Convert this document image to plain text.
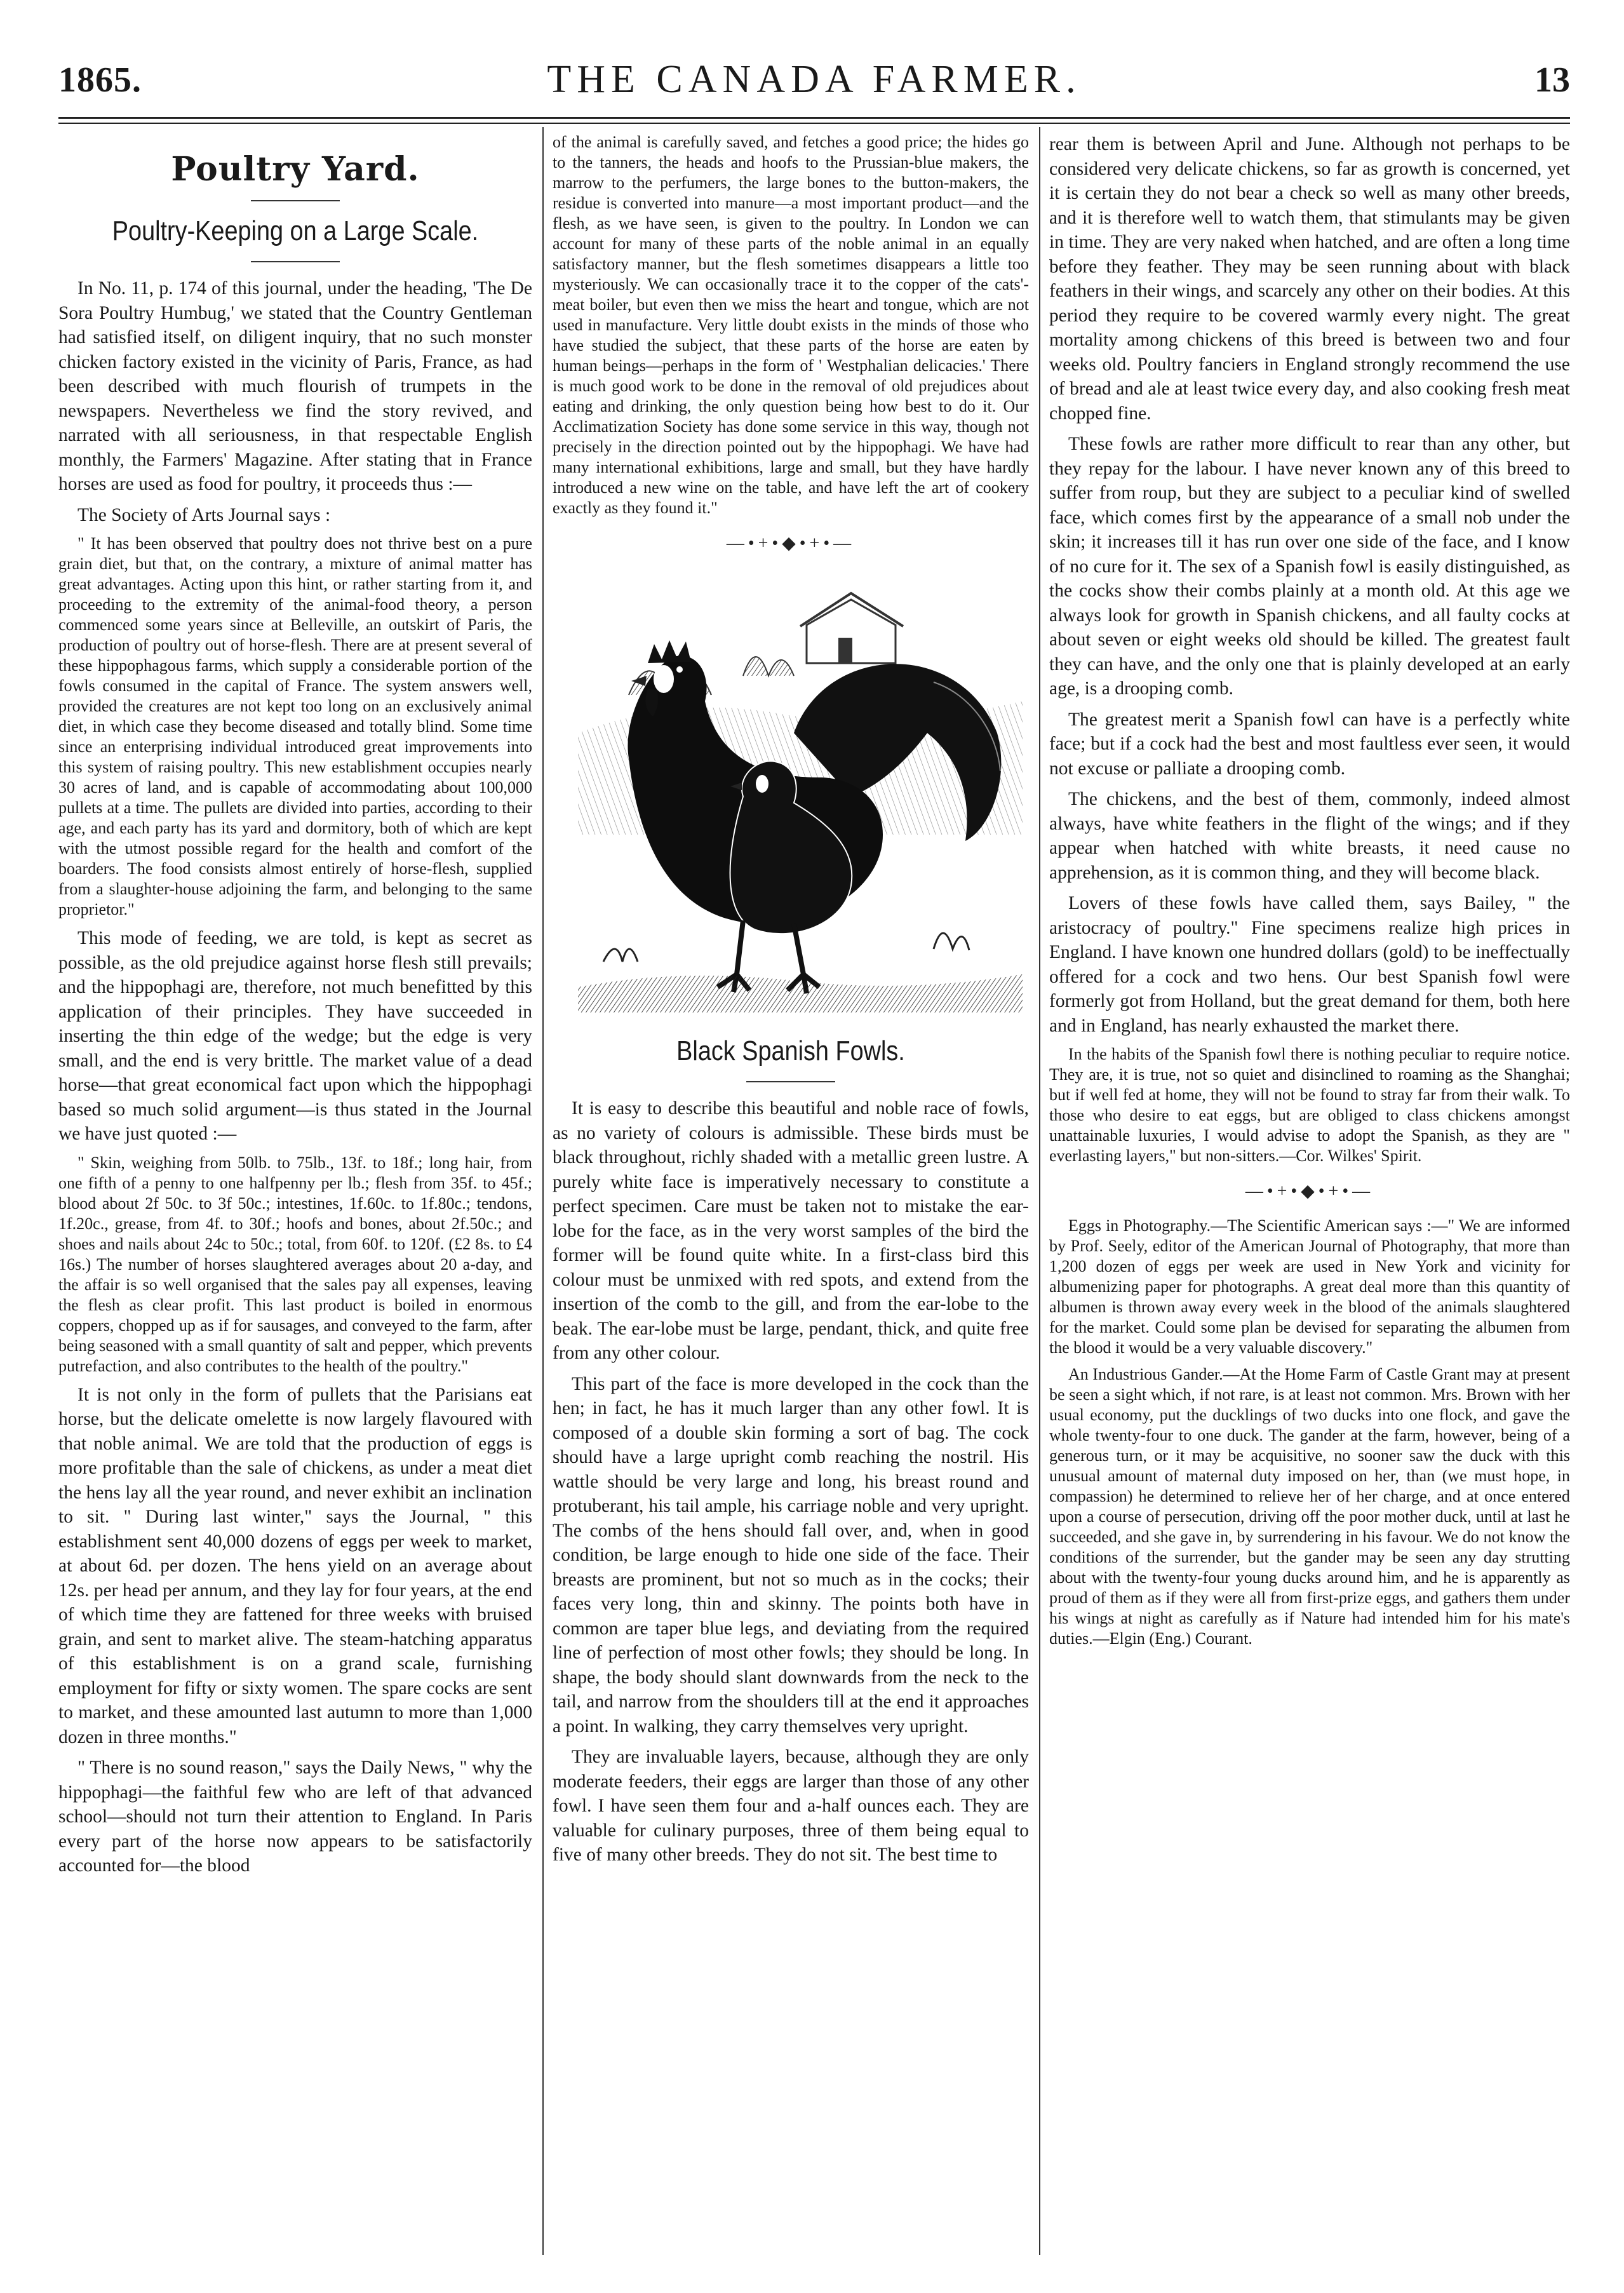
1865.	THE CANADA FARMER.	13
Poultry Yard.
Poultry-Keeping on a Large Scale.

In No. 11, p. 174 of this journal, under the heading, 'The De Sora Poultry Humbug,' we stated that the Country Gentleman had satisfied itself, on diligent inquiry, that no such monster chicken factory existed in the vicinity of Paris, France, as had been described with much flourish of trumpets in the newspapers. Nevertheless we find the story revived, and narrated with all seriousness, in that respectable English monthly, the Farmers' Magazine. After stating that in France horses are used as food for poultry, it proceeds thus :—

The Society of Arts Journal says :

" It has been observed that poultry does not thrive best on a pure grain diet, but that, on the contrary, a mixture of animal matter has great advantages. Acting upon this hint, or rather starting from it, and proceeding to the extremity of the animal-food theory, a person commenced some years since at Belleville, an outskirt of Paris, the production of poultry out of horse-flesh. There are at present several of these hippophagous farms, which supply a considerable portion of the fowls consumed in the capital of France. The system answers well, provided the creatures are not kept too long on an exclusively animal diet, in which case they become diseased and totally blind. Some time since an enterprising individual introduced great improvements into this system of raising poultry. This new establishment occupies nearly 30 acres of land, and is capable of accommodating about 100,000 pullets at a time. The pullets are divided into parties, according to their age, and each party has its yard and dormitory, both of which are kept with the utmost possible regard for the health and comfort of the boarders. The food consists almost entirely of horse-flesh, supplied from a slaughter-house adjoining the farm, and belonging to the same proprietor."

This mode of feeding, we are told, is kept as secret as possible, as the old prejudice against horse flesh still prevails; and the hippophagi are, therefore, not much benefitted by this application of their principles. They have succeeded in inserting the thin edge of the wedge; but the edge is very small, and the end is very brittle. The market value of a dead horse—that great economical fact upon which the hippophagi based so much solid argument—is thus stated in the Journal we have just quoted :—

" Skin, weighing from 50lb. to 75lb., 13f. to 18f.; long hair, from one fifth of a penny to one halfpenny per lb.; flesh from 35f. to 45f.; blood about 2f 50c. to 3f 50c.; intestines, 1f.60c. to 1f.80c.; tendons, 1f.20c., grease, from 4f. to 30f.; hoofs and bones, about 2f.50c.; and shoes and nails about 24c to 50c.; total, from 60f. to 120f. (£2 8s. to £4 16s.) The number of horses slaughtered averages about 20 a-day, and the affair is so well organised that the sales pay all expenses, leaving the flesh as clear profit. This last product is boiled in enormous coppers, chopped up as if for sausages, and conveyed to the farm, after being seasoned with a small quantity of salt and pepper, which prevents putrefaction, and also contributes to the health of the poultry."

It is not only in the form of pullets that the Parisians eat horse, but the delicate omelette is now largely flavoured with that noble animal. We are told that the production of eggs is more profitable than the sale of chickens, as under a meat diet the hens lay all the year round, and never exhibit an inclination to sit. " During last winter," says the Journal, " this establishment sent 40,000 dozens of eggs per week to market, at about 6d. per dozen. The hens yield on an average about 12s. per head per annum, and they lay for four years, at the end of which time they are fattened for three weeks with bruised grain, and sent to market alive. The steam-hatching apparatus of this establishment is on a grand scale, furnishing employment for fifty or sixty women. The spare cocks are sent to market, and these amounted last autumn to more than 1,000 dozen in three months."

" There is no sound reason," says the Daily News, " why the hippophagi—the faithful few who are left of that advanced school—should not turn their attention to England. In Paris every part of the horse now appears to be satisfactorily accounted for—the blood

of the animal is carefully saved, and fetches a good price; the hides go to the tanners, the heads and hoofs to the Prussian-blue makers, the marrow to the perfumers, the large bones to the button-makers, the residue is converted into manure—a most important product—and the flesh, as we have seen, is given to the poultry. In London we can account for many of these parts of the noble animal in an equally satisfactory manner, but the flesh sometimes disappears a little too mysteriously. We can occasionally trace it to the copper of the cats'-meat boiler, but even then we miss the heart and tongue, which are not used in manufacture. Very little doubt exists in the minds of those who have studied the subject, that these parts of the horse are eaten by human beings—perhaps in the form of ' Westphalian delicacies.' There is much good work to be done in the removal of old prejudices about eating and drinking, the only question being how best to do it. Our Acclimatization Society has done some service in this way, though not precisely in the direction pointed out by the hippophagi. We have had many international exhibitions, large and small, but they have hardly introduced a new wine on the table, and have left the art of cookery exactly as they found it."

—•+•◆•+•—
Black Spanish Fowls.

It is easy to describe this beautiful and noble race of fowls, as no variety of colours is admissible. These birds must be black throughout, richly shaded with a metallic green lustre. A purely white face is imperatively necessary to constitute a perfect specimen. Care must be taken not to mistake the ear-lobe for the face, as in the very worst samples of the bird the former will be found quite white. In a first-class bird this colour must be unmixed with red spots, and extend from the insertion of the comb to the gill, and from the ear-lobe to the beak. The ear-lobe must be large, pendant, thick, and quite free from any other colour.

This part of the face is more developed in the cock than the hen; in fact, he has it much larger than any other fowl. It is composed of a double skin forming a sort of bag. The cock should have a large upright comb reaching the nostril. His wattle should be very large and long, his breast round and protuberant, his tail ample, his carriage noble and very upright. The combs of the hens should fall over, and, when in good condition, be large enough to hide one side of the face. Their breasts are prominent, but not so much as in the cocks; their faces very long, thin and skinny. The points both have in common are taper blue legs, and deviating from the required line of perfection of most other fowls; they should be long. In shape, the body should slant downwards from the neck to the tail, and narrow from the shoulders till at the end it approaches a point. In walking, they carry themselves very upright.

They are invaluable layers, because, although they are only moderate feeders, their eggs are larger than those of any other fowl. I have seen them four and a-half ounces each. They are valuable for culinary purposes, three of them being equal to five of many other breeds. They do not sit. The best time to

rear them is between April and June. Although not perhaps to be considered very delicate chickens, so far as growth is concerned, yet it is certain they do not bear a check so well as many other breeds, and it is therefore well to watch them, that stimulants may be given in time. They are very naked when hatched, and are often a long time before they feather. They may be seen running about with black feathers in their wings, and scarcely any other on their bodies. At this period they require to be covered warmly every night. The great mortality among chickens of this breed is between two and four weeks old. Poultry fanciers in England strongly recommend the use of bread and ale at least twice every day, and also cooking fresh meat chopped fine.

These fowls are rather more difficult to rear than any other, but they repay for the labour. I have never known any of this breed to suffer from roup, but they are subject to a peculiar kind of swelled face, which comes first by the appearance of a small nob under the skin; it increases till it has run over one side of the face, and I know of no cure for it. The sex of a Spanish fowl is easily distinguished, as the cocks show their combs plainly at a month old. At this age we always look for growth in Spanish chickens, and all faulty cocks at about seven or eight weeks old should be killed. The greatest fault they can have, and the only one that is plainly developed at an early age, is a drooping comb.

The greatest merit a Spanish fowl can have is a perfectly white face; but if a cock had the best and most faultless ever seen, it would not excuse or palliate a drooping comb.

The chickens, and the best of them, commonly, indeed almost always, have white feathers in the flight of the wings; and if they appear when hatched with white breasts, it need cause no apprehension, as it is common thing, and they will become black.

Lovers of these fowls have called them, says Bailey, " the aristocracy of poultry." Fine specimens realize high prices in England. I have known one hundred dollars (gold) to be ineffectually offered for a cock and two hens. Our best Spanish fowl were formerly got from Holland, but the great demand for them, both here and in England, has nearly exhausted the market there.

In the habits of the Spanish fowl there is nothing peculiar to require notice. They are, it is true, not so quiet and disinclined to roaming as the Shanghai; but if well fed at home, they will not be found to stray far from their walk. To those who desire to eat eggs, but are obliged to class chickens amongst unattainable luxuries, I would advise to adopt the Spanish, as they are " everlasting layers," but non-sitters.—Cor. Wilkes' Spirit.

—•+•◆•+•—

Eggs in Photography.—The Scientific American says :—" We are informed by Prof. Seely, editor of the American Journal of Photography, that more than 1,200 dozen of eggs per week are used in New York and vicinity for albumenizing paper for photographs. A great deal more than this quantity of albumen is thrown away every week in the blood of the animals slaughtered for the market. Could some plan be devised for separating the albumen from the blood it would be a very valuable discovery."

An Industrious Gander.—At the Home Farm of Castle Grant may at present be seen a sight which, if not rare, is at least not common. Mrs. Brown with her usual economy, put the ducklings of two ducks into one flock, and gave the whole twenty-four to one duck. The gander at the farm, however, being of a generous turn, or it may be acquisitive, no sooner saw the duck with this unusual amount of maternal duty imposed on her, than (we must hope, in compassion) he determined to relieve her of her charge, and at once entered upon a course of persecution, driving off the poor mother duck, until at last he succeeded, and she gave in, by surrendering in his favour. We do not know the conditions of the surrender, but the gander may be seen any day strutting about with the twenty-four young ducks around him, and he is apparently as proud of them as if they were all from first-prize eggs, and gathers them under his wings at night as carefully as if Nature had intended him for his mate's duties.—Elgin (Eng.) Courant.
